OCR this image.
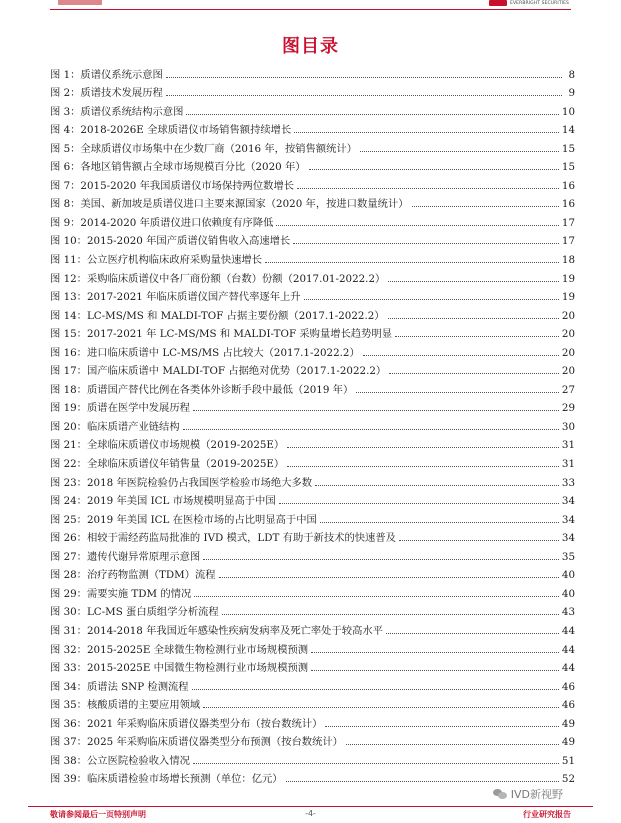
EVERBRIGHT SECURITIES
图目录
图 1：质谱仪系统示意图	8
图 2：质谱技术发展历程	9
图 3：质谱仪系统结构示意图	10
图 4：2018-2026E 全球质谱仪市场销售额持续增长	14
图 5：全球质谱仪市场集中在少数厂商（2016 年，按销售额统计）	15
图 6：各地区销售额占全球市场规模百分比（2020 年）	15
图 7：2015-2020 年我国质谱仪市场保持两位数增长	16
图 8：美国、新加坡是质谱仪进口主要来源国家（2020 年，按进口数量统计）	16
图 9：2014-2020 年质谱仪进口依赖度有序降低	17
图 10：2015-2020 年国产质谱仪销售收入高速增长	17
图 11：公立医疗机构临床政府采购量快速增长	18
图 12：采购临床质谱仪中各厂商份额（台数）份额（2017.01-2022.2）	19
图 13：2017-2021 年临床质谱仪国产替代率逐年上升	19
图 14：LC-MS/MS 和 MALDI-TOF 占据主要份额（2017.1-2022.2）	20
图 15：2017-2021 年 LC-MS/MS 和 MALDI-TOF 采购量增长趋势明显	20
图 16：进口临床质谱中 LC-MS/MS 占比较大（2017.1-2022.2）	20
图 17：国产临床质谱中 MALDI-TOF 占据绝对优势（2017.1-2022.2）	20
图 18：质谱国产替代比例在各类体外诊断手段中最低（2019 年）	27
图 19：质谱在医学中发展历程	29
图 20：临床质谱产业链结构	30
图 21：全球临床质谱仪市场规模（2019-2025E）	31
图 22：全球临床质谱仪年销售量（2019-2025E）	31
图 23：2018 年医院检验仍占我国医学检验市场绝大多数	33
图 24：2019 年美国 ICL 市场规模明显高于中国	34
图 25：2019 年美国 ICL 在医检市场的占比明显高于中国	34
图 26：相较于需经药监局批准的 IVD 模式，LDT 有助于新技术的快速普及	34
图 27：遗传代谢异常原理示意图	35
图 28：治疗药物监测（TDM）流程	40
图 29：需要实施 TDM 的情况	40
图 30：LC-MS 蛋白质组学分析流程	43
图 31：2014-2018 年我国近年感染性疾病发病率及死亡率处于较高水平	44
图 32：2015-2025E 全球微生物检测行业市场规模预测	44
图 33：2015-2025E 中国微生物检测行业市场规模预测	44
图 34：质谱法 SNP 检测流程	46
图 35：核酸质谱的主要应用领域	46
图 36：2021 年采购临床质谱仪器类型分布（按台数统计）	49
图 37：2025 年采购临床质谱仪器类型分布预测（按台数统计）	49
图 38：公立医院检验收入情况	51
图 39：临床质谱检验市场增长预测（单位：亿元）	52
IVD新视野
敬请参阅最后一页特别声明	-4-	行业研究报告
